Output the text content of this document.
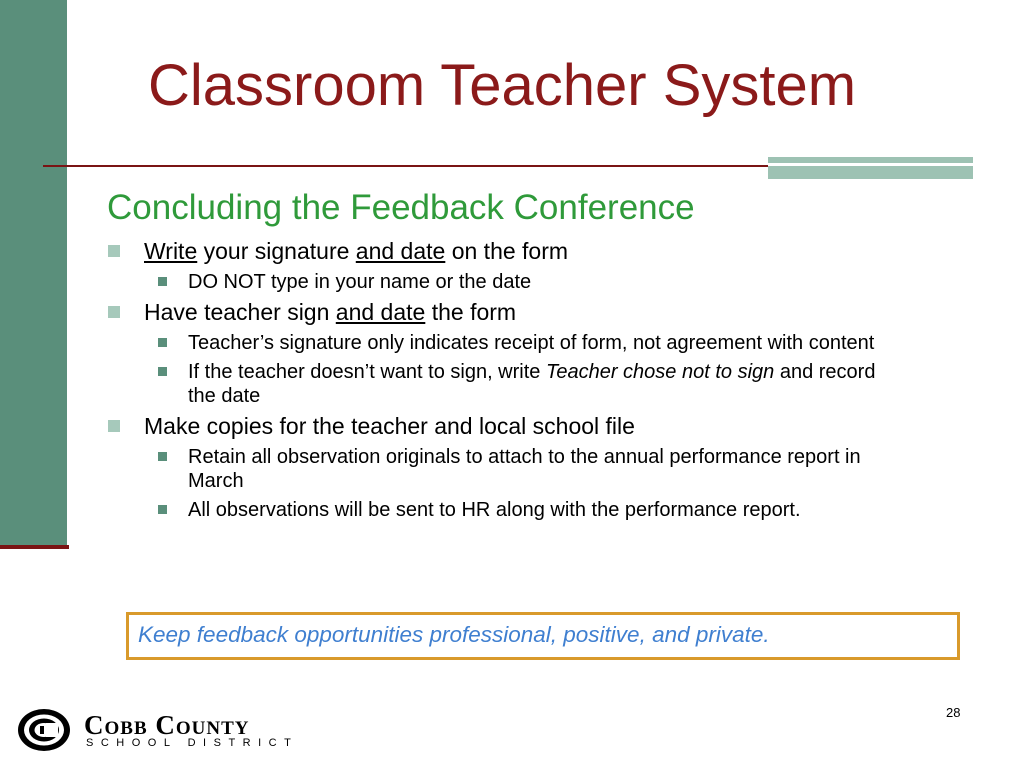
Classroom Teacher System
Concluding the Feedback Conference
Write your signature and date on the form
DO NOT type in your name or the date
Have teacher sign and date the form
Teacher’s signature only indicates receipt of form, not agreement with content
If the teacher doesn’t want to sign, write Teacher chose not to sign and record the date
Make copies for the teacher and local school file
Retain all observation originals to attach to the annual performance report in March
All observations will be sent to HR along with the performance report.
Keep feedback opportunities professional, positive, and private.
28
Cobb County
SCHOOL DISTRICT
